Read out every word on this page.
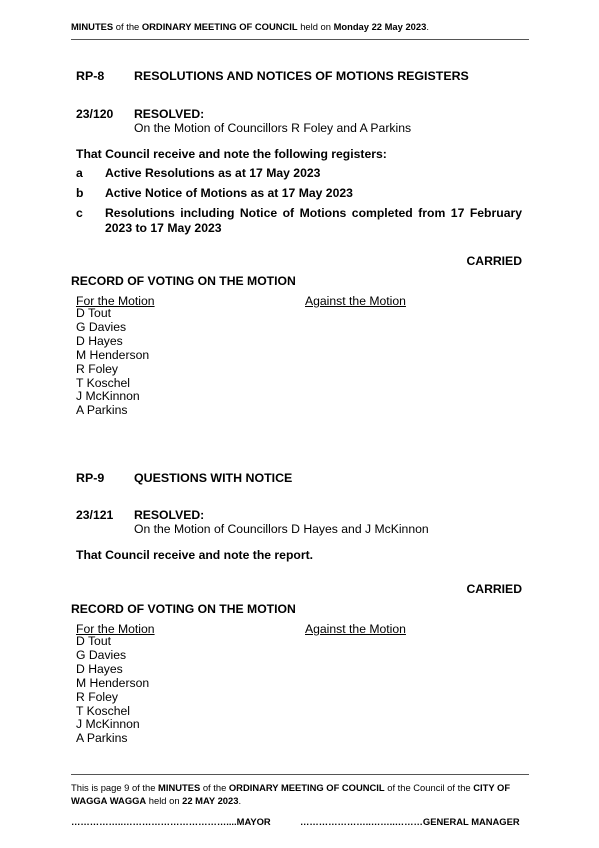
MINUTES of the ORDINARY MEETING OF COUNCIL held on Monday 22 May 2023.
RP-8 RESOLUTIONS AND NOTICES OF MOTIONS REGISTERS
23/120 RESOLVED:
On the Motion of Councillors R Foley and A Parkins
That Council receive and note the following registers:
a Active Resolutions as at 17 May 2023
b Active Notice of Motions as at 17 May 2023
c Resolutions including Notice of Motions completed from 17 February 2023 to 17 May 2023
CARRIED
RECORD OF VOTING ON THE MOTION
For the Motion	Against the Motion
D Tout
G Davies
D Hayes
M Henderson
R Foley
T Koschel
J McKinnon
A Parkins
RP-9 QUESTIONS WITH NOTICE
23/121 RESOLVED:
On the Motion of Councillors D Hayes and J McKinnon
That Council receive and note the report.
CARRIED
RECORD OF VOTING ON THE MOTION
For the Motion	Against the Motion
D Tout
G Davies
D Hayes
M Henderson
R Foley
T Koschel
J McKinnon
A Parkins
This is page 9 of the MINUTES of the ORDINARY MEETING OF COUNCIL of the Council of the CITY OF WAGGA WAGGA held on 22 MAY 2023.
……………..……………………………....MAYOR	…………………..……..………GENERAL MANAGER
